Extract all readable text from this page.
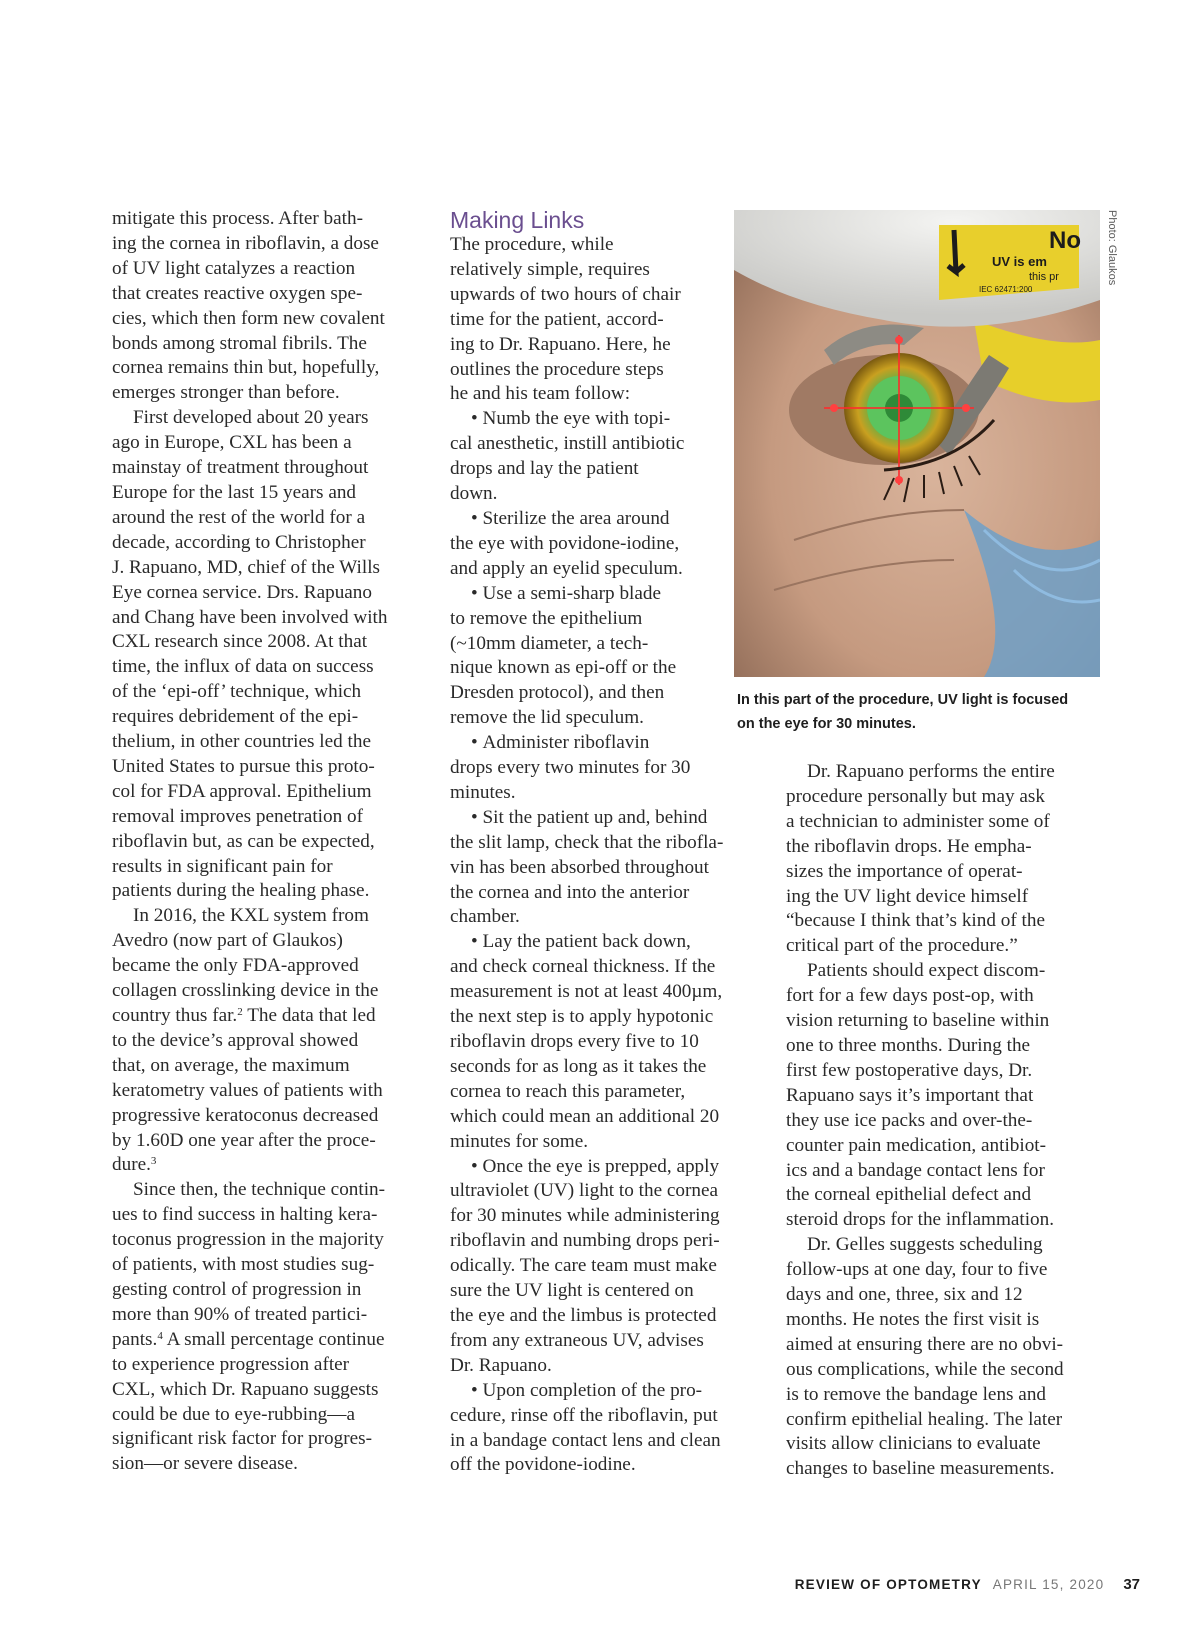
mitigate this process. After bath-
ing the cornea in riboflavin, a dose
of UV light catalyzes a reaction
that creates reactive oxygen spe-
cies, which then form new covalent
bonds among stromal fibrils. The
cornea remains thin but, hopefully,
emerges stronger than before.

First developed about 20 years
ago in Europe, CXL has been a
mainstay of treatment throughout
Europe for the last 15 years and
around the rest of the world for a
decade, according to Christopher
J. Rapuano, MD, chief of the Wills
Eye cornea service. Drs. Rapuano
and Chang have been involved with
CXL research since 2008. At that
time, the influx of data on success
of the ‘epi-off’ technique, which
requires debridement of the epi-
thelium, in other countries led the
United States to pursue this proto-
col for FDA approval. Epithelium
removal improves penetration of
riboflavin but, as can be expected,
results in significant pain for
patients during the healing phase.

In 2016, the KXL system from
Avedro (now part of Glaukos)
became the only FDA-approved
collagen crosslinking device in the
country thus far.$^2$ The data that led
to the device’s approval showed
that, on average, the maximum
keratometry values of patients with
progressive keratoconus decreased
by 1.60D one year after the proce-
dure.$^3$

Since then, the technique contin-
ues to find success in halting kera-
toconus progression in the majority
of patients, with most studies sug-
gesting control of progression in
more than 90% of treated partici-
pants.$^4$ A small percentage continue
to experience progression after
CXL, which Dr. Rapuano suggests
could be due to eye-rubbing—a
significant risk factor for progres-
sion—or severe disease.

Making Links

The procedure, while
relatively simple, requires
upwards of two hours of chair
time for the patient, accord-
ing to Dr. Rapuano. Here, he
outlines the procedure steps
he and his team follow:

• Numb the eye with topi-
cal anesthetic, instill antibiotic
drops and lay the patient
down.

• Sterilize the area around
the eye with povidone-iodine,
and apply an eyelid speculum.

• Use a semi-sharp blade
to remove the epithelium
(~10mm diameter, a tech-
nique known as epi-off or the
Dresden protocol), and then
remove the lid speculum.

• Administer riboflavin
drops every two minutes for 30
minutes.

• Sit the patient up and, behind
the slit lamp, check that the ribofla-
vin has been absorbed throughout
the cornea and into the anterior
chamber.

• Lay the patient back down,
and check corneal thickness. If the
measurement is not at least 400µm,
the next step is to apply hypotonic
riboflavin drops every five to 10
seconds for as long as it takes the
cornea to reach this parameter,
which could mean an additional 20
minutes for some.

• Once the eye is prepped, apply
ultraviolet (UV) light to the cornea
for 30 minutes while administering
riboflavin and numbing drops peri-
odically. The care team must make
sure the UV light is centered on
the eye and the limbus is protected
from any extraneous UV, advises
Dr. Rapuano.

• Upon completion of the pro-
cedure, rinse off the riboflavin, put
in a bandage contact lens and clean
off the povidone-iodine.

No
UV is em
this pr
IEC 62471:200
Photo: Glaukos
In this part of the procedure, UV light is focused
on the eye for 30 minutes.

Dr. Rapuano performs the entire
procedure personally but may ask
a technician to administer some of
the riboflavin drops. He empha-
sizes the importance of operat-
ing the UV light device himself
“because I think that’s kind of the
critical part of the procedure.”

Patients should expect discom-
fort for a few days post-op, with
vision returning to baseline within
one to three months. During the
first few postoperative days, Dr.
Rapuano says it’s important that
they use ice packs and over-the-
counter pain medication, antibiot-
ics and a bandage contact lens for
the corneal epithelial defect and
steroid drops for the inflammation.

Dr. Gelles suggests scheduling
follow-ups at one day, four to five
days and one, three, six and 12
months. He notes the first visit is
aimed at ensuring there are no obvi-
ous complications, while the second
is to remove the bandage lens and
confirm epithelial healing. The later
visits allow clinicians to evaluate
changes to baseline measurements.

REVIEW OF OPTOMETRY APRIL 15, 2020 37
